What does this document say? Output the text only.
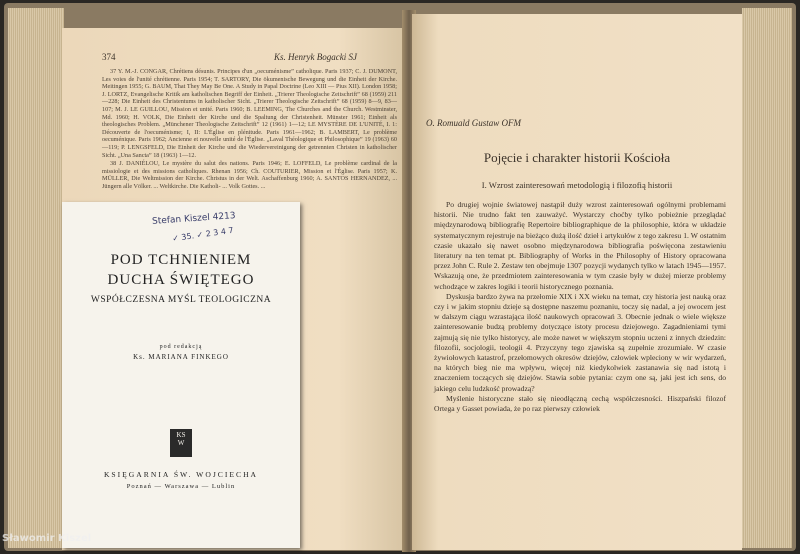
374	Ks. Henryk Bogacki SJ

37 Y. M.-J. CONGAR, Chrétiens désunis. Principes d'un „oecuménisme” catholique. Paris 1937; C. J. DUMONT, Les voies de l'unité chrétienne. Paris 1954; T. SARTORY, Die ökumenische Bewegung und die Einheit der Kirche. Meitingen 1955; G. BAUM, That They May Be One. A Study in Papal Doctrine (Leo XIII — Pius XII). London 1958; J. LORTZ, Evangelische Kritik am katholischen Begriff der Einheit. „Trierer Theologische Zeitschrift” 68 (1959) 211—228; Die Einheit des Christentums in katholischer Sicht. „Trierer Theologische Zeitschrift” 68 (1959) 8—9, 83—107; M. J. LE GUILLOU, Mission et unité. Paris 1960; B. LEEMING, The Churches and the Church. Westminster, Md. 1960; H. VOLK, Die Einheit der Kirche und die Spaltung der Christenheit. Münster 1961; Einheit als theologisches Problem. „Münchener Theologische Zeitschrift” 12 (1961) 1—12; LE MYSTÈRE DE L'UNITÉ, I. 1: Découverte de l'oecuménisme; I, II: L'Église en plénitude. Paris 1961—1962; B. LAMBERT, Le problème oecuménique. Paris 1962; Ancienne et nouvelle unité de l'Église. „Laval Théologique et Philosophique” 19 (1963) 60—119; P. LENGSFELD, Die Einheit der Kirche und die Wiedervereinigung der getrennten Christen in katholischer Sicht. „Una Sancta” 18 (1963) 1—12.

38 J. DANIÉLOU, Le mystère du salut des nations. Paris 1946; E. LOFFELD, Le problème cardinal de la missiologie et des missions catholiques. Rhenan 1956; Ch. COUTURIER, Mission et l'Église. Paris 1957; K. MÜLLER, Die Weltmission der Kirche. Christus in der Welt. Aschaffenburg 1960; A. SANTOS HERNANDEZ, ... Jüngern alle Völker. ... Weltkirche. Die Katholi- ... Volk Gottes. ...

O. Romuald Gustaw OFM
Pojęcie i charakter historii Kościoła
I. Wzrost zainteresowań metodologią i filozofią historii

Po drugiej wojnie światowej nastąpił duży wzrost zainteresowań ogólnymi problemami historii. Nie trudno fakt ten zauważyć. Wystarczy choćby tylko pobieżnie przeglądać międzynarodową bibliografię Repertoire bibliographique de la philosophie, która w układzie systematycznym rejestruje na bieżąco dużą ilość dzieł i artykułów z tego zakresu 1. W ostatnim czasie ukazało się nawet osobno międzynarodowa bibliografia poświęcona zestawieniu literatury na ten temat pt. Bibliography of Works in the Philosophy of History opracowana przez John C. Rule 2. Zestaw ten obejmuje 1307 pozycji wydanych tylko w latach 1945—1957. Wskazują one, że przedmiotem zainteresowania w tym czasie były w dużej mierze problemy wchodzące w zakres logiki i teorii historycznego poznania.

Dyskusja bardzo żywa na przełomie XIX i XX wieku na temat, czy historia jest nauką oraz czy i w jakim stopniu dzieje są dostępne naszemu poznaniu, toczy się nadal, a jej owocem jest w dalszym ciągu wzrastająca ilość naukowych opracowań 3. Obecnie jednak o wiele większe zainteresowanie budzą problemy dotyczące istoty procesu dziejowego. Zagadnieniami tymi zajmują się nie tylko historycy, ale może nawet w większym stopniu uczeni z innych dziedzin: filozofii, socjologii, teologii 4. Przyczyny tego zjawiska są zupełnie zrozumiałe. W czasie żywiołowych katastrof, przełomowych okresów dziejów, człowiek wpleciony w wir wydarzeń, na których bieg nie ma wpływu, więcej niż kiedykolwiek zastanawia się nad istotą i znaczeniem toczących się dziejów. Stawia sobie pytania: czym one są, jaki jest ich sens, do jakiego celu ludzkość prowadzą?

Myślenie historyczne stało się nieodłączną cechą współczesności. Hiszpański filozof Ortega y Gasset powiada, że po raz pierwszy człowiek

Stefan Kiszel 4213
✓ 35. ✓ 2 3 4 7
POD TCHNIENIEM
DUCHA ŚWIĘTEGO
WSPÓŁCZESNA MYŚL TEOLOGICZNA
pod redakcją
Ks. MARIANA FINKEGO
KS
W
KSIĘGARNIA ŚW. WOJCIECHA
Poznań — Warszawa — Lublin
Sławomir Kiszel
